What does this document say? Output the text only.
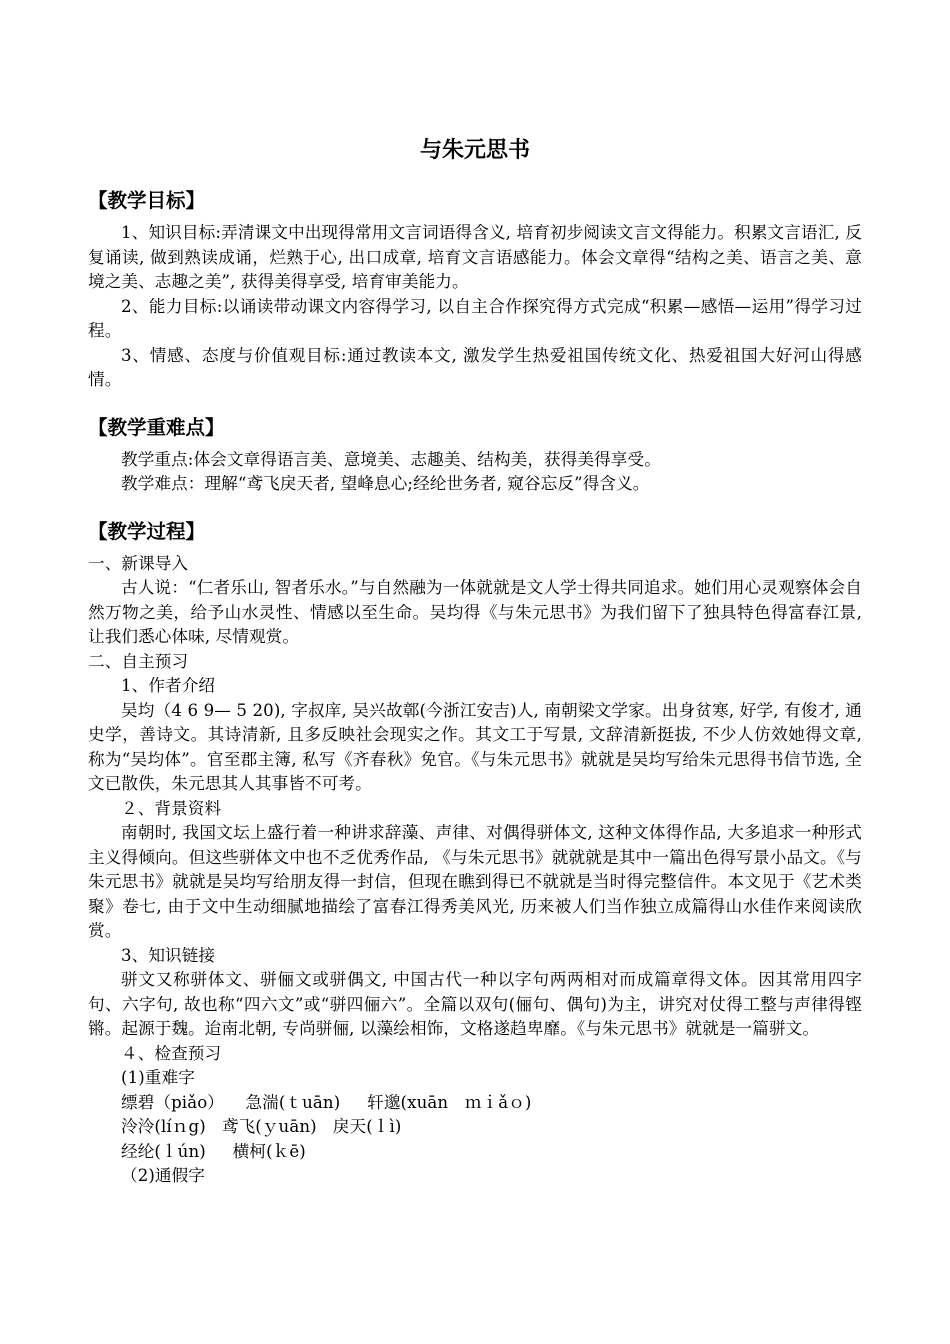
与朱元思书
【教学目标】

1、知识目标:弄清课文中出现得常用文言词语得含义, 培育初步阅读文言文得能力。积累文言语汇, 反复诵读, 做到熟读成诵，烂熟于心, 出口成章, 培育文言语感能力。体会文章得“结构之美、语言之美、意境之美、志趣之美”, 获得美得享受, 培育审美能力。

2、能力目标:以诵读带动课文内容得学习, 以自主合作探究得方式完成“积累—感悟—运用”得学习过程。

3、情感、态度与价值观目标:通过教读本文, 激发学生热爱祖国传统文化、热爱祖国大好河山得感情。

【教学重难点】

教学重点:体会文章得语言美、意境美、志趣美、结构美，获得美得享受。

教学难点：理解“鸢飞戾天者, 望峰息心;经纶世务者, 窥谷忘反”得含义。

【教学过程】

一、新课导入

古人说：“仁者乐山, 智者乐水。”与自然融为一体就就是文人学士得共同追求。她们用心灵观察体会自然万物之美，给予山水灵性、情感以至生命。吴均得《与朱元思书》为我们留下了独具特色得富春江景, 让我们悉心体味, 尽情观赏。

二、自主预习

1、作者介绍

吴均（4 6 9— 5 20), 字叔庠, 吴兴故鄣(今浙江安吉)人, 南朝梁文学家。出身贫寒, 好学, 有俊才, 通史学，善诗文。其诗清新, 且多反映社会现实之作。其文工于写景, 文辞清新挺拔, 不少人仿效她得文章, 称为“吴均体”。官至郡主簿, 私写《齐春秋》免官。《与朱元思书》就就是吴均写给朱元思得书信节选, 全文已散佚，朱元思其人其事皆不可考。

２、背景资料

南朝时, 我国文坛上盛行着一种讲求辞藻、声律、对偶得骈体文, 这种文体得作品, 大多追求一种形式主义得倾向。但这些骈体文中也不乏优秀作品, 《与朱元思书》就就就是其中一篇出色得写景小品文。《与朱元思书》就就是吴均写给朋友得一封信，但现在瞧到得已不就就是当时得完整信件。本文见于《艺术类聚》卷七, 由于文中生动细腻地描绘了富春江得秀美风光, 历来被人们当作独立成篇得山水佳作来阅读欣赏。

3、知识链接

骈文又称骈体文、骈俪文或骈偶文, 中国古代一种以字句两两相对而成篇章得文体。因其常用四字句、六字句, 故也称“四六文”或“骈四俪六”。全篇以双句(俪句、偶句)为主，讲究对仗得工整与声律得铿锵。起源于魏。迨南北朝, 专尚骈俪, 以藻绘相饰，文格遂趋卑靡。《与朱元思书》就就是一篇骈文。

４、检查预习

(1)重难字

缥碧（piǎo）    急湍(ｔuān)     轩邈(xuān　ｍｉǎｏ)

泠泠(líｎg)   鸢飞(ｙuān)   戾天(ｌì)

经纶(ｌún)     横柯(ｋē)

（2)通假字
